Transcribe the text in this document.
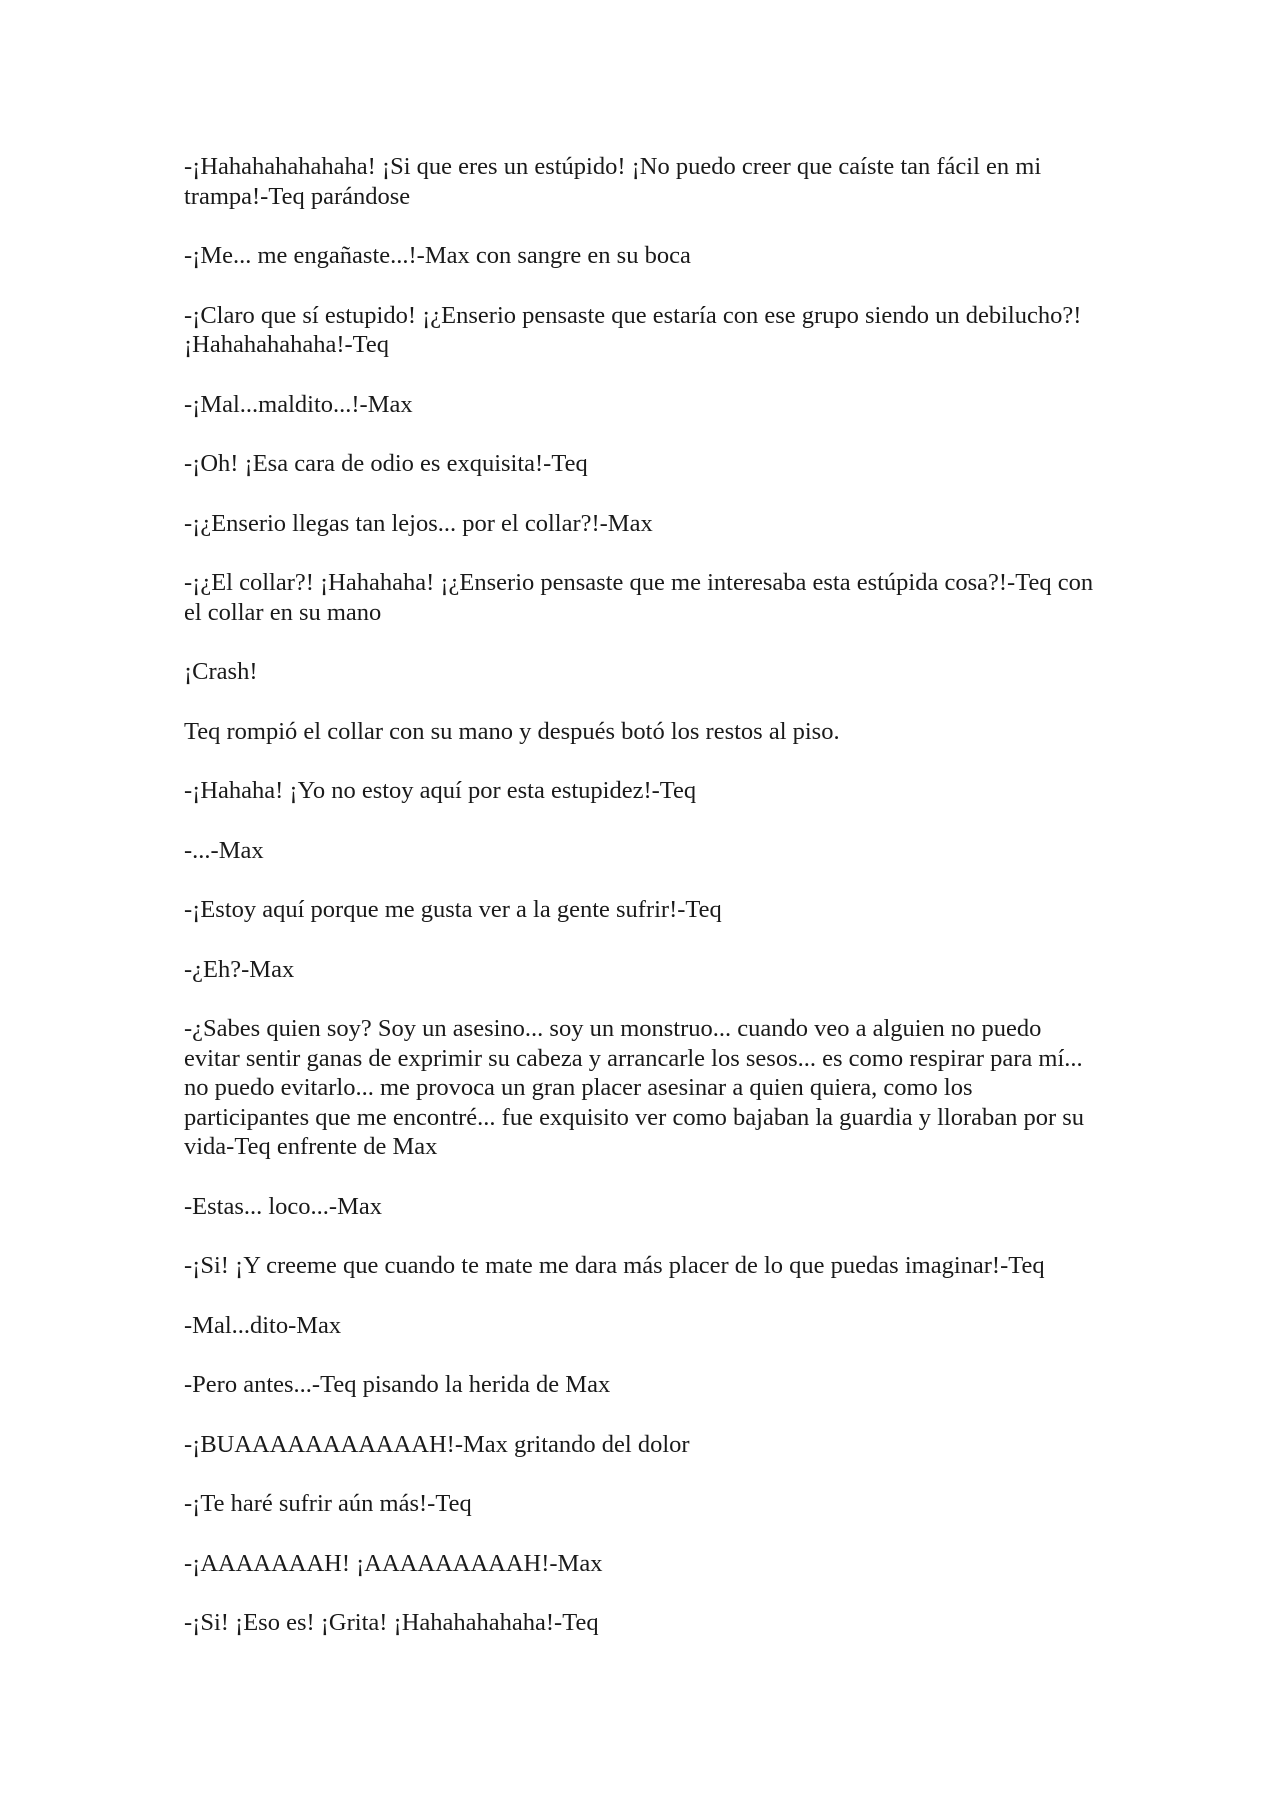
-¡Hahahahahahaha! ¡Si que eres un estúpido! ¡No puedo creer que caíste tan fácil en mi trampa!-Teq parándose

-¡Me... me engañaste...!-Max con sangre en su boca

-¡Claro que sí estupido! ¡¿Enserio pensaste que estaría con ese grupo siendo un debilucho?! ¡Hahahahahaha!-Teq

-¡Mal...maldito...!-Max

-¡Oh! ¡Esa cara de odio es exquisita!-Teq

-¡¿Enserio llegas tan lejos... por el collar?!-Max

-¡¿El collar?! ¡Hahahaha! ¡¿Enserio pensaste que me interesaba esta estúpida cosa?!-Teq con el collar en su mano

¡Crash!

Teq rompió el collar con su mano y después botó los restos al piso.

-¡Hahaha! ¡Yo no estoy aquí por esta estupidez!-Teq

-...-Max

-¡Estoy aquí porque me gusta ver a la gente sufrir!-Teq

-¿Eh?-Max

-¿Sabes quien soy? Soy un asesino... soy un monstruo... cuando veo a alguien no puedo evitar sentir ganas de exprimir su cabeza y arrancarle los sesos... es como respirar para mí... no puedo evitarlo... me provoca un gran placer asesinar a quien quiera, como los participantes que me encontré... fue exquisito ver como bajaban la guardia y lloraban por su vida-Teq enfrente de Max

-Estas... loco...-Max

-¡Si! ¡Y creeme que cuando te mate me dara más placer de lo que puedas imaginar!-Teq

-Mal...dito-Max

-Pero antes...-Teq pisando la herida de Max

-¡BUAAAAAAAAAAAH!-Max gritando del dolor

-¡Te haré sufrir aún más!-Teq

-¡AAAAAAAH! ¡AAAAAAAAAH!-Max

-¡Si! ¡Eso es! ¡Grita! ¡Hahahahahaha!-Teq
